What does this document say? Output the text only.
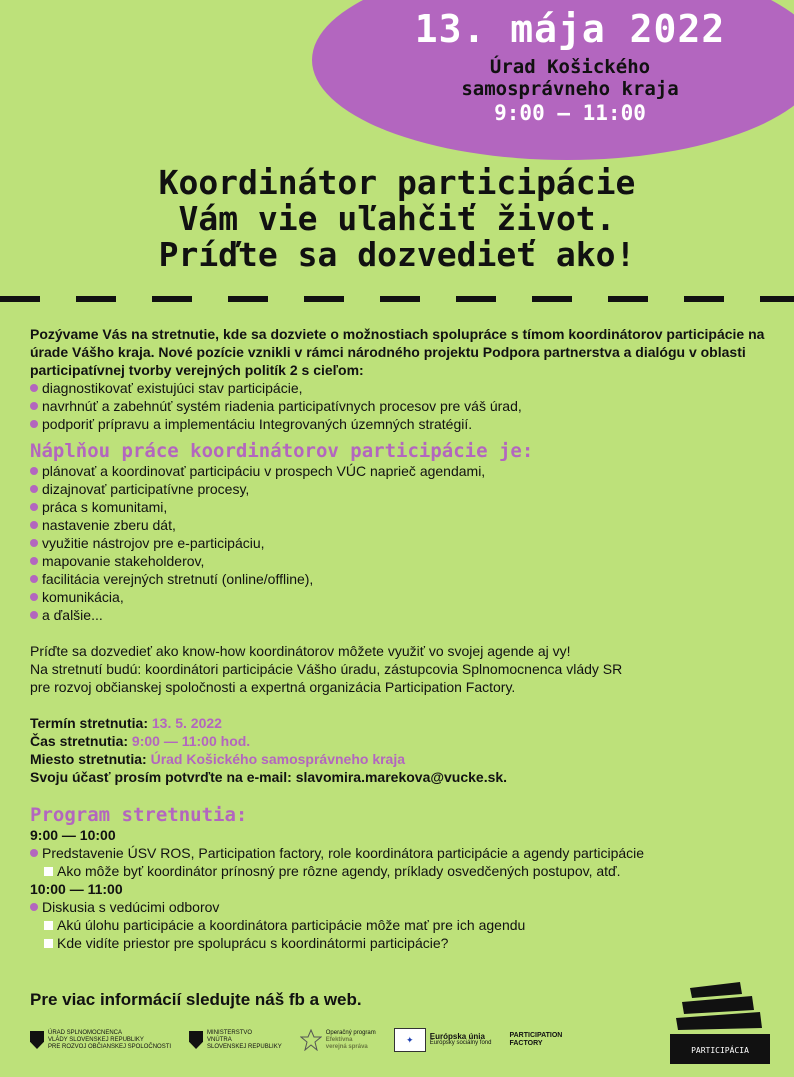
13. mája 2022
Úrad Košického
samosprávneho kraja
9:00 – 11:00
Koordinátor participácie
Vám vie uľahčiť život.
Príďte sa dozvedieť ako!
Pozývame Vás na stretnutie, kde sa dozviete o možnostiach spolupráce s tímom koordinátorov participácie na úrade Vášho kraja. Nové pozície vznikli v rámci národného projektu Podpora partnerstva a dialógu v oblasti participatívnej tvorby verejných politík 2 s cieľom:
diagnostikovať existujúci stav participácie,
navrhnúť a zabehnúť systém riadenia participatívnych procesov pre váš úrad,
podporiť prípravu a implementáciu Integrovaných územných stratégií.
Náplňou práce koordinátorov participácie je:
plánovať a koordinovať participáciu v prospech VÚC naprieč agendami,
dizajnovať participatívne procesy,
práca s komunitami,
nastavenie zberu dát,
využitie nástrojov pre e-participáciu,
mapovanie stakeholderov,
facilitácia verejných stretnutí (online/offline),
komunikácia,
a ďalšie...
Príďte sa dozvedieť ako know-how koordinátorov môžete využiť vo svojej agende aj vy!
Na stretnutí budú: koordinátori participácie Vášho úradu, zástupcovia Splnomocnenca vlády SR
pre rozvoj občianskej spoločnosti a expertná organizácia Participation Factory.
Termín stretnutia: 13. 5. 2022
Čas stretnutia: 9:00 — 11:00 hod.
Miesto stretnutia: Úrad Košického samosprávneho kraja
Svoju účasť prosím potvrďte na e-mail: slavomira.marekova@vucke.sk.
Program stretnutia:
9:00 — 10:00
Predstavenie ÚSV ROS, Participation factory, role koordinátora participácie a agendy participácie
Ako môže byť koordinátor prínosný pre rôzne agendy, príklady osvedčených postupov, atď.
10:00 — 11:00
Diskusia s vedúcimi odborov
Akú úlohu participácie a koordinátora participácie môže mať pre ich agendu
Kde vidíte priestor pre spoluprácu s koordinátormi participácie?
Pre viac informácií sledujte náš fb a web.
ÚRAD SPLNOMOCNENCA
VLÁDY SLOVENSKEJ REPUBLIKY
PRE ROZVOJ OBČIANSKEJ SPOLOČNOSTI
MINISTERSTVO
VNÚTRA
SLOVENSKEJ REPUBLIKY
Operačný program
Efektívna
verejná správa
✦	Európska únia
Európsky sociálny fond
PARTICIPATION
FACTORY
PARTICIPÁCIA
